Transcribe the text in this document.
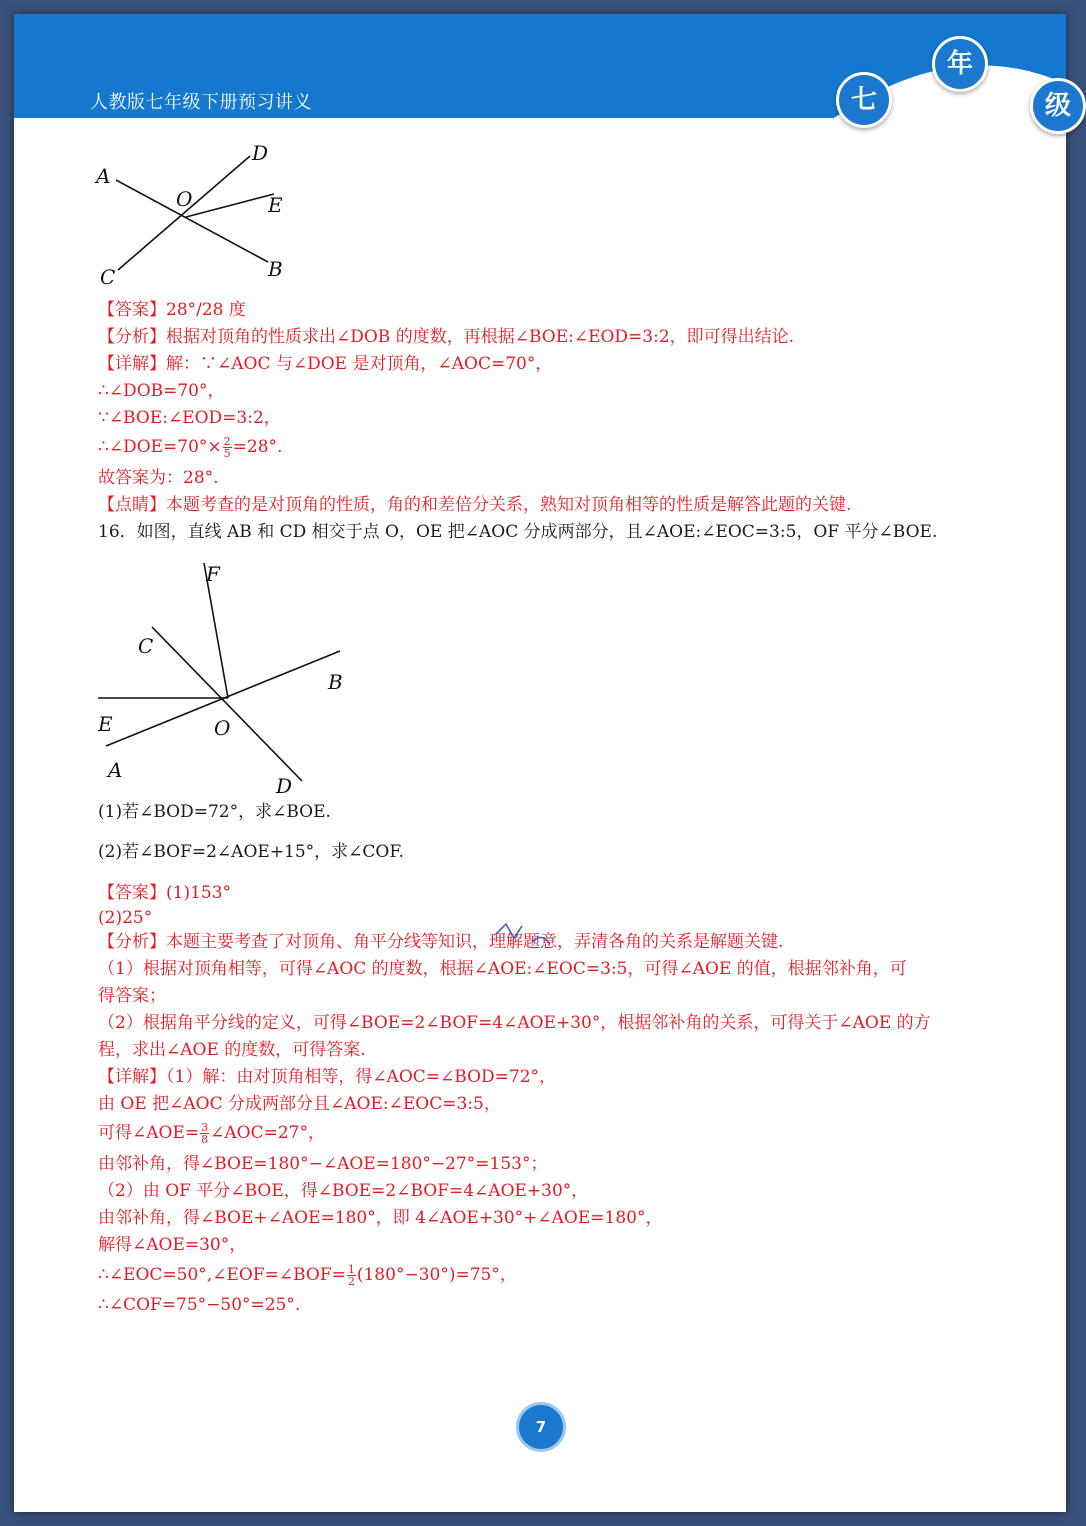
人教版七年级下册预习讲义	七
年
级
A
D
O	E
C	B
【答案】28°/28 度
【分析】根据对顶角的性质求出∠DOB 的度数，再根据∠BOE:∠EOD=3:2，即可得出结论.
【详解】解：∵∠AOC 与∠DOE 是对顶角，∠AOC=70°，
∴∠DOB=70°，
∵∠BOE:∠EOD=3:2，
∴∠DOE=70°× $\frac{2}{5} =28^\circ$.
故答案为：28°.
【点睛】本题考查的是对顶角的性质，角的和差倍分关系，熟知对顶角相等的性质是解答此题的关键.
16．如图，直线 AB 和 CD 相交于点 O，OE 把∠AOC 分成两部分，且∠AOE:∠EOC=3:5，OF 平分∠BOE.
F
C
B
E	O
A
D
(1)若∠BOD=72°，求∠BOE.
(2)若∠BOF=2∠AOE+15°，求∠COF.
【答案】(1)153°
(2)25°
【分析】本题主要考查了对顶角、角平分线等知识，理解题意，弄清各角的关系是解题关键.
（1）根据对顶角相等，可得∠AOC 的度数，根据∠AOE:∠EOC=3:5，可得∠AOE 的值，根据邻补角，可
得答案；
（2）根据角平分线的定义，可得∠BOE=2∠BOF=4∠AOE+30°，根据邻补角的关系，可得关于∠AOE 的方
程，求出∠AOE 的度数，可得答案.
【详解】（1）解：由对顶角相等，得∠AOC=∠BOD=72°，
由 OE 把∠AOC 分成两部分且∠AOE:∠EOC=3:5，
可得∠AOE= $\frac{3}{8}$ ∠AOC=27°，
由邻补角，得∠BOE=180°−∠AOE=180°−27°=153°；
（2）由 OF 平分∠BOE，得∠BOE=2∠BOF=4∠AOE+30°，
由邻补角，得∠BOE+∠AOE=180°，即 4∠AOE+30°+∠AOE=180°，
解得∠AOE=30°，
∴∠EOC=50°,∠EOF=∠BOF= $\frac{1}{2} (180^\circ-30^\circ)=75^\circ$，
∴∠COF=75°−50°=25°.
7
